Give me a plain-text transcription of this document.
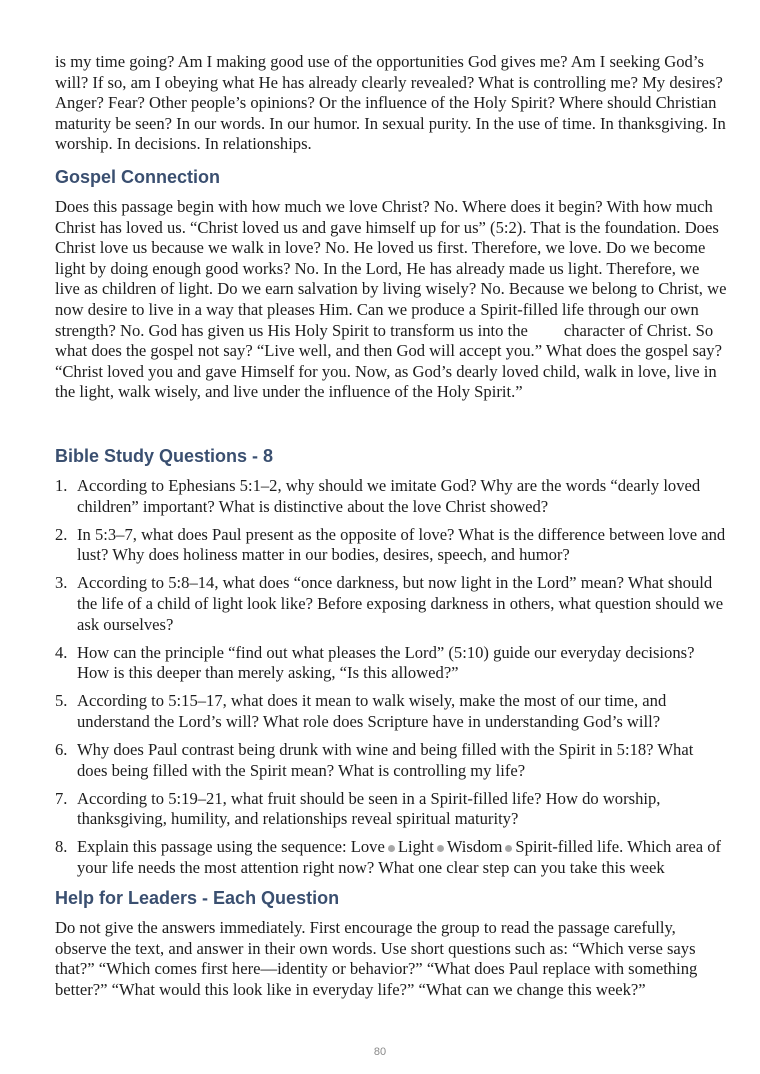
is my time going? Am I making good use of the opportunities God gives me? Am I seeking God’s will? If so, am I obeying what He has already clearly revealed? What is controlling me? My desires? Anger? Fear? Other people’s opinions? Or the influence of the Holy Spirit? Where should Christian maturity be seen? In our words. In our humor. In sexual purity. In the use of time. In thanksgiving. In worship. In decisions. In relationships.

Gospel Connection

Does this passage begin with how much we love Christ? No. Where does it begin? With how much Christ has loved us. “Christ loved us and gave himself up for us” (5:2). That is the foundation. Does Christ love us because we walk in love? No. He loved us first. Therefore, we love. Do we become light by doing enough good works? No. In the Lord, He has already made us light. Therefore, we live as children of light. Do we earn salvation by living wisely? No. Because we belong to Christ, we now desire to live in a way that pleases Him. Can we produce a Spirit-filled life through our own strength? No. God has given us His Holy Spirit to transform us into the character of Christ. So what does the gospel not say? “Live well, and then God will accept you.” What does the gospel say? “Christ loved you and gave Himself for you. Now, as God’s dearly loved child, walk in love, live in the light, walk wisely, and live under the influence of the Holy Spirit.”

Bible Study Questions - 8
1. According to Ephesians 5:1–2, why should we imitate God? Why are the words “dearly loved children” important? What is distinctive about the love Christ showed?
2. In 5:3–7, what does Paul present as the opposite of love? What is the difference between love and lust? Why does holiness matter in our bodies, desires, speech, and humor?
3. According to 5:8–14, what does “once darkness, but now light in the Lord” mean? What should the life of a child of light look like? Before exposing darkness in others, what question should we ask ourselves?
4. How can the principle “find out what pleases the Lord” (5:10) guide our everyday decisions? How is this deeper than merely asking, “Is this allowed?”
5. According to 5:15–17, what does it mean to walk wisely, make the most of our time, and understand the Lord’s will? What role does Scripture have in understanding God’s will?
6. Why does Paul contrast being drunk with wine and being filled with the Spirit in 5:18? What does being filled with the Spirit mean? What is controlling my life?
7. According to 5:19–21, what fruit should be seen in a Spirit-filled life? How do worship, thanksgiving, humility, and relationships reveal spiritual maturity?
8. Explain this passage using the sequence: Love Light Wisdom Spirit-filled life. Which area of your life needs the most attention right now? What one clear step can you take this week
Help for Leaders - Each Question

Do not give the answers immediately. First encourage the group to read the passage carefully, observe the text, and answer in their own words. Use short questions such as: “Which verse says that?” “Which comes first here—identity or behavior?” “What does Paul replace with something better?” “What would this look like in everyday life?” “What can we change this week?”

80
